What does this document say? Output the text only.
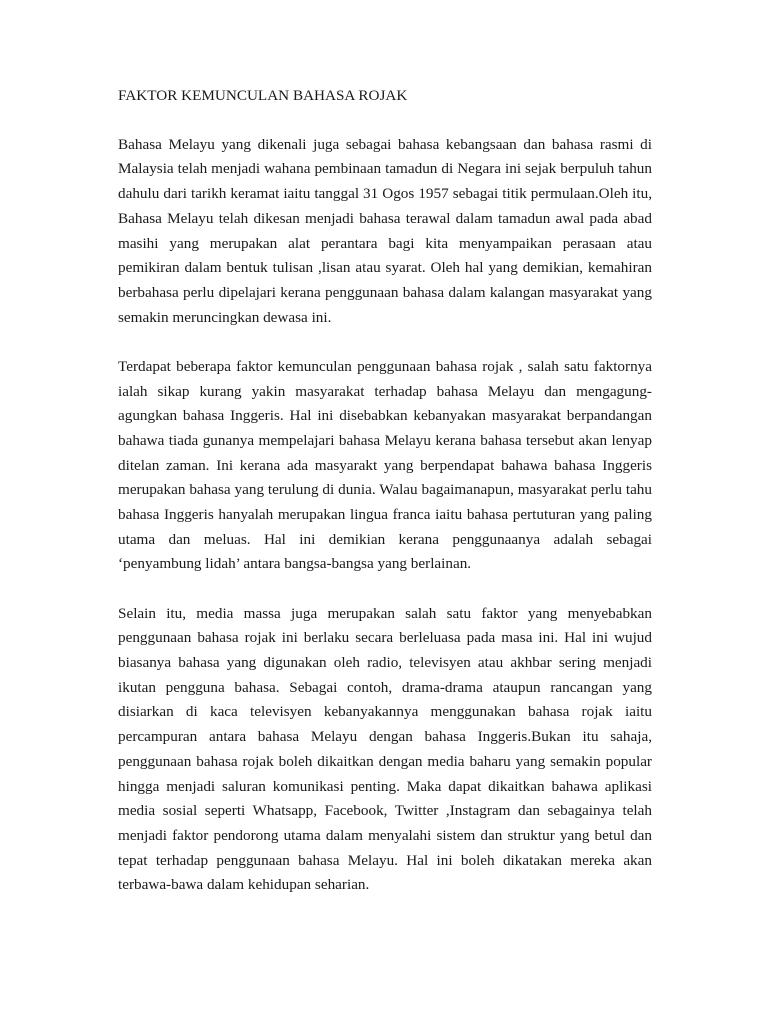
FAKTOR KEMUNCULAN BAHASA ROJAK

Bahasa Melayu yang dikenali juga sebagai bahasa kebangsaan dan bahasa rasmi di Malaysia telah menjadi wahana pembinaan tamadun di Negara ini sejak berpuluh tahun dahulu dari tarikh keramat iaitu tanggal 31 Ogos 1957 sebagai titik permulaan.Oleh itu, Bahasa Melayu telah dikesan menjadi bahasa terawal dalam tamadun awal pada abad masihi yang merupakan alat perantara bagi kita menyampaikan perasaan atau pemikiran dalam bentuk tulisan ,lisan atau syarat. Oleh hal yang demikian, kemahiran berbahasa perlu dipelajari kerana penggunaan bahasa dalam kalangan masyarakat yang semakin meruncingkan dewasa ini.

Terdapat beberapa faktor kemunculan penggunaan bahasa rojak , salah satu faktornya ialah sikap kurang yakin masyarakat terhadap bahasa Melayu dan mengagung-agungkan bahasa Inggeris. Hal ini disebabkan kebanyakan masyarakat berpandangan bahawa tiada gunanya mempelajari bahasa Melayu kerana bahasa tersebut akan lenyap ditelan zaman. Ini kerana ada masyarakt yang berpendapat bahawa bahasa Inggeris merupakan bahasa yang terulung di dunia. Walau bagaimanapun, masyarakat perlu tahu bahasa Inggeris hanyalah merupakan lingua franca iaitu bahasa pertuturan yang paling utama dan meluas. Hal ini demikian kerana penggunaanya adalah sebagai ‘penyambung lidah’ antara bangsa-bangsa yang berlainan.

Selain itu, media massa juga merupakan salah satu faktor yang menyebabkan penggunaan bahasa rojak ini berlaku secara berleluasa pada masa ini. Hal ini wujud biasanya bahasa yang digunakan oleh radio, televisyen atau akhbar sering menjadi ikutan pengguna bahasa. Sebagai contoh, drama-drama ataupun rancangan yang disiarkan di kaca televisyen kebanyakannya menggunakan bahasa rojak iaitu percampuran antara bahasa Melayu dengan bahasa Inggeris.Bukan itu sahaja, penggunaan bahasa rojak boleh dikaitkan dengan media baharu yang semakin popular hingga menjadi saluran komunikasi penting. Maka dapat dikaitkan bahawa aplikasi media sosial seperti Whatsapp, Facebook, Twitter ,Instagram dan sebagainya telah menjadi faktor pendorong utama dalam menyalahi sistem dan struktur yang betul dan tepat terhadap penggunaan bahasa Melayu. Hal ini boleh dikatakan mereka akan terbawa-bawa dalam kehidupan seharian.
